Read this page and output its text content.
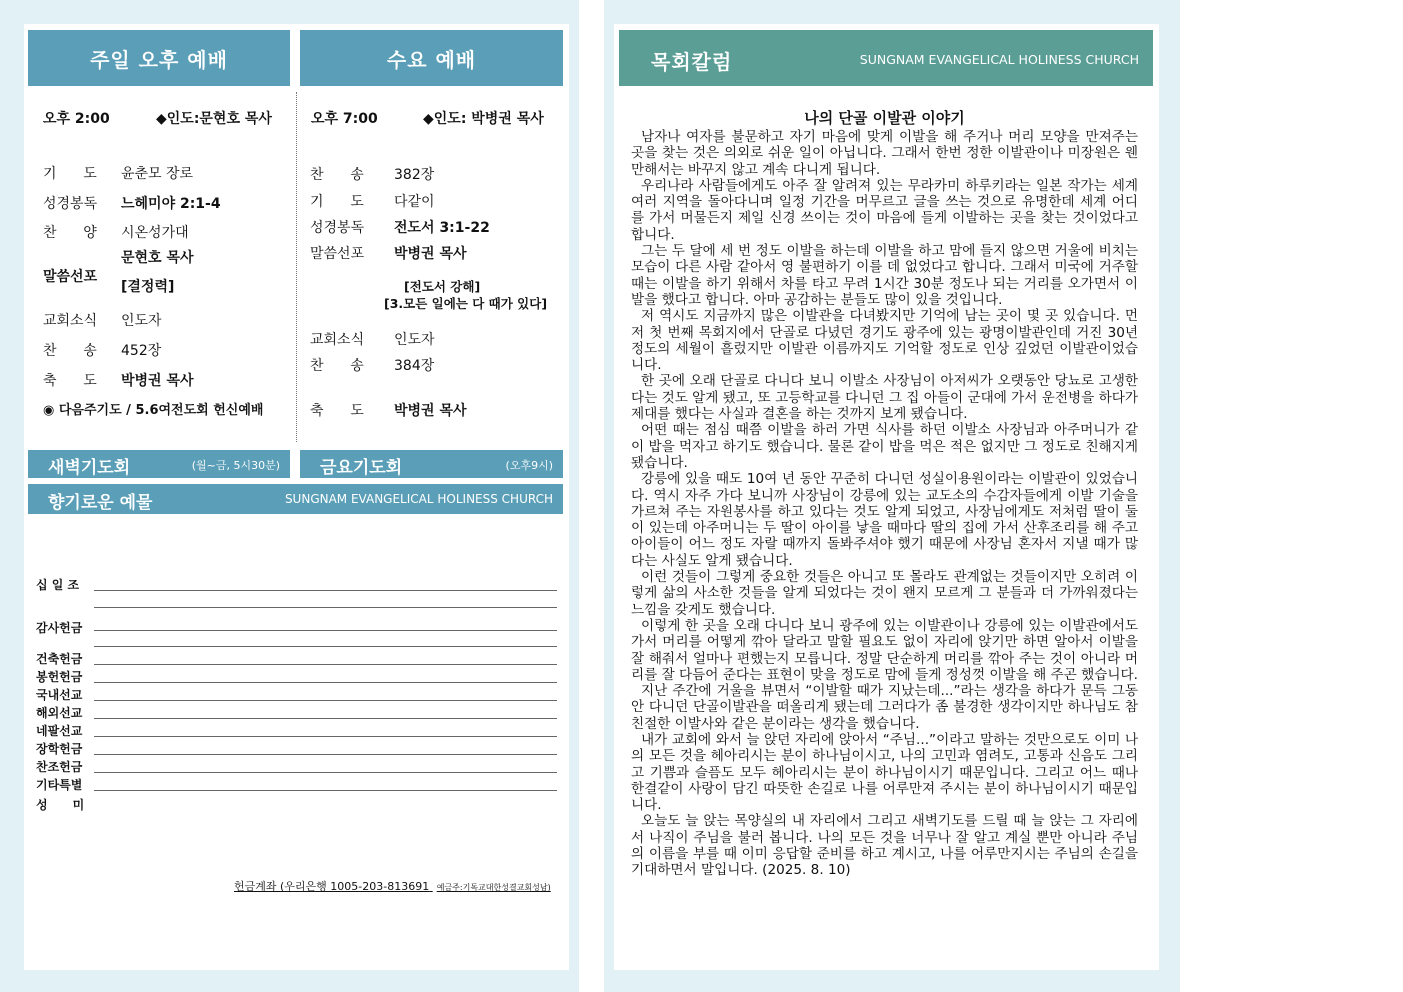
주일 오후 예배	수요 예배
오후 2:00	◆인도:문현호 목사
기      도 윤춘모 장로
성경봉독 느헤미야 2:1-4
찬      양 시온성가대
말씀선포
문현호 목사
[결정력]
교회소식 인도자
찬      송 452장
축      도 박병권 목사
◉ 다음주기도 / 5.6여전도회 헌신예배
오후 7:00	◆인도: 박병권 목사
찬      송 382장
기      도 다같이
성경봉독 전도서 3:1-22
말씀선포 박병권 목사
[전도서 강해]
[3.모든 일에는 다 때가 있다]
교회소식 인도자
찬      송 384장
축      도 박병권 목사
새벽기도회	(월~금, 5시30분) 금요기도회	(오후9시)
향기로운 예물	SUNGNAM EVANGELICAL HOLINESS CHURCH
십 일 조
감사헌금
건축헌금
봉헌헌금
국내선교
해외선교
네팔선교
장학헌금
찬조헌금
기타특별
성      미
헌금계좌 (우리은행 1005-203-813691 예금주:기독교대한성결교회성남)
목회칼럼	SUNGNAM EVANGELICAL HOLINESS CHURCH
나의 단골 이발관 이야기

남자나 여자를 불문하고 자기 마음에 맞게 이발을 해 주거나 머리 모양을 만져주는 곳을 찾는 것은 의외로 쉬운 일이 아닙니다. 그래서 한번 정한 이발관이나 미장원은 웬만해서는 바꾸지 않고 계속 다니게 됩니다.

우리나라 사람들에게도 아주 잘 알려져 있는 무라카미 하루키라는 일본 작가는 세계 여러 지역을 돌아다니며 일정 기간을 머무르고 글을 쓰는 것으로 유명한데 세계 어디를 가서 머물든지 제일 신경 쓰이는 것이 마음에 들게 이발하는 곳을 찾는 것이었다고 합니다.

그는 두 달에 세 번 정도 이발을 하는데 이발을 하고 맘에 들지 않으면 거울에 비치는 모습이 다른 사람 같아서 영 불편하기 이를 데 없었다고 합니다. 그래서 미국에 거주할 때는 이발을 하기 위해서 차를 타고 무려 1시간 30분 정도나 되는 거리를 오가면서 이발을 했다고 합니다. 아마 공감하는 분들도 많이 있을 것입니다.

저 역시도 지금까지 많은 이발관을 다녀봤지만 기억에 남는 곳이 몇 곳 있습니다. 먼저 첫 번째 목회지에서 단골로 다녔던 경기도 광주에 있는 광명이발관인데 거진 30년 정도의 세월이 흘렀지만 이발관 이름까지도 기억할 정도로 인상 깊었던 이발관이었습니다.

한 곳에 오래 단골로 다니다 보니 이발소 사장님이 아저씨가 오랫동안 당뇨로 고생한다는 것도 알게 됐고, 또 고등학교를 다니던 그 집 아들이 군대에 가서 운전병을 하다가 제대를 했다는 사실과 결혼을 하는 것까지 보게 됐습니다.

어떤 때는 점심 때쯤 이발을 하러 가면 식사를 하던 이발소 사장님과 아주머니가 같이 밥을 먹자고 하기도 했습니다. 물론 같이 밥을 먹은 적은 없지만 그 정도로 친해지게 됐습니다.

강릉에 있을 때도 10여 년 동안 꾸준히 다니던 성실이용원이라는 이발관이 있었습니다. 역시 자주 가다 보니까 사장님이 강릉에 있는 교도소의 수감자들에게 이발 기술을 가르쳐 주는 자원봉사를 하고 있다는 것도 알게 되었고, 사장님에게도 저처럼 딸이 둘이 있는데 아주머니는 두 딸이 아이를 낳을 때마다 딸의 집에 가서 산후조리를 해 주고 아이들이 어느 정도 자랄 때까지 돌봐주셔야 했기 때문에 사장님 혼자서 지낼 때가 많다는 사실도 알게 됐습니다.

이런 것들이 그렇게 중요한 것들은 아니고 또 몰라도 관계없는 것들이지만 오히려 이렇게 삶의 사소한 것들을 알게 되었다는 것이 왠지 모르게 그 분들과 더 가까워졌다는 느낌을 갖게도 했습니다.

이렇게 한 곳을 오래 다니다 보니 광주에 있는 이발관이나 강릉에 있는 이발관에서도 가서 머리를 어떻게 깎아 달라고 말할 필요도 없이 자리에 앉기만 하면 알아서 이발을 잘 해줘서 얼마나 편했는지 모릅니다. 정말 단순하게 머리를 깎아 주는 것이 아니라 머리를 잘 다듬어 준다는 표현이 맞을 정도로 맘에 들게 정성껏 이발을 해 주곤 했습니다.

지난 주간에 거울을 뷰면서 “이발할 때가 지났는데...”라는 생각을 하다가 문득 그동안 다니던 단골이발관을 떠올리게 됐는데 그러다가 좀 불경한 생각이지만 하나님도 참 친절한 이발사와 같은 분이라는 생각을 했습니다.

내가 교회에 와서 늘 앉던 자리에 앉아서 “주님...”이라고 말하는 것만으로도 이미 나의 모든 것을 헤아리시는 분이 하나님이시고, 나의 고민과 염려도, 고통과 신음도 그리고 기쁨과 슬픔도 모두 헤아리시는 분이 하나님이시기 때문입니다. 그리고 어느 때나 한결같이 사랑이 담긴 따뜻한 손길로 나를 어루만져 주시는 분이 하나님이시기 때문입니다.

오늘도 늘 앉는 목양실의 내 자리에서 그리고 새벽기도를 드릴 때 늘 앉는 그 자리에서 나직이 주님을 불러 봅니다. 나의 모든 것을 너무나 잘 알고 계실 뿐만 아니라 주님의 이름을 부를 때 이미 응답할 준비를 하고 계시고, 나를 어루만지시는 주님의 손길을 기대하면서 말입니다. (2025. 8. 10)
